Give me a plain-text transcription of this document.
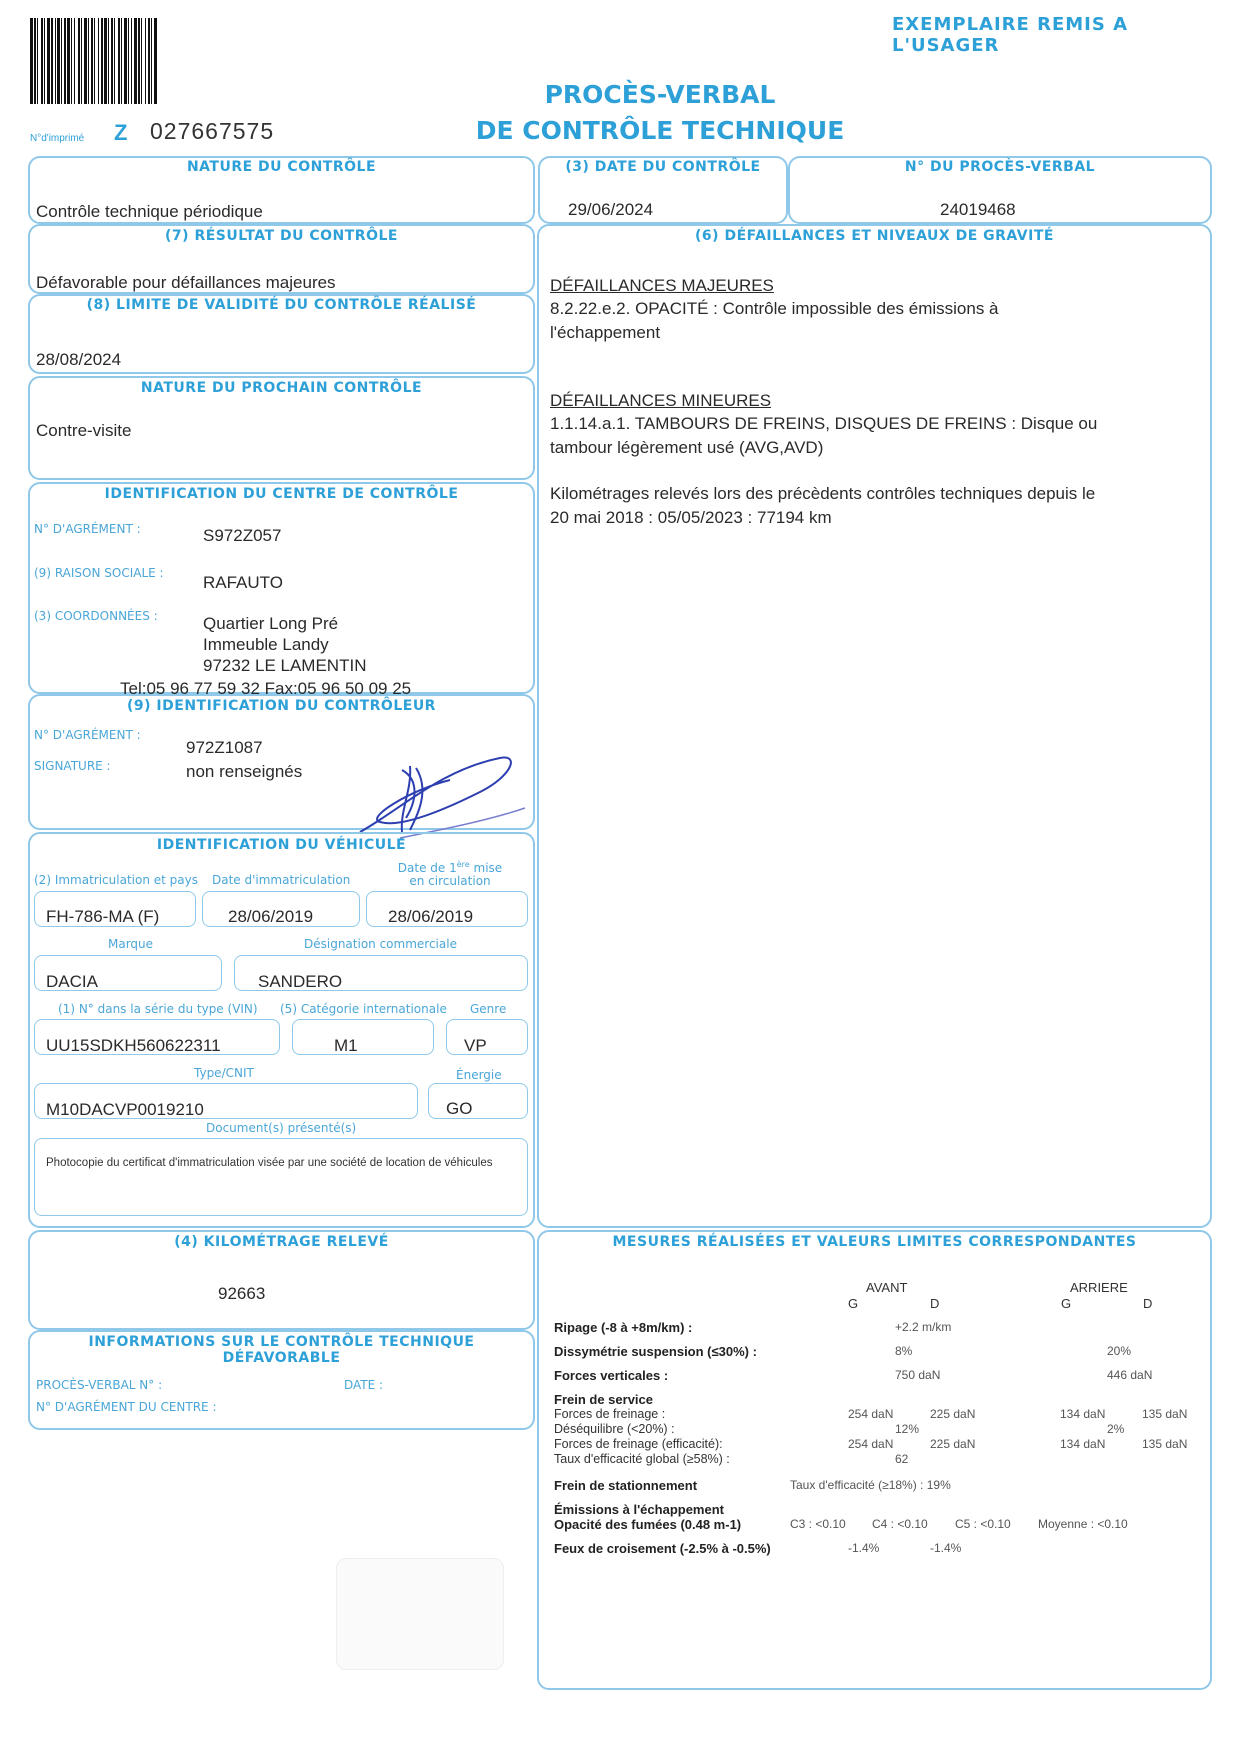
EXEMPLAIRE REMIS A L'USAGER
PROCÈS-VERBAL
DE CONTRÔLE TECHNIQUE
N°d'imprimé Z 027667575
NATURE DU CONTRÔLE
Contrôle technique périodique
(3) DATE DU CONTRÔLE
29/06/2024
N° DU PROCÈS-VERBAL
24019468
(7) RÉSULTAT DU CONTRÔLE
Défavorable pour défaillances majeures
(8) LIMITE DE VALIDITÉ DU CONTRÔLE RÉALISÉ
28/08/2024
NATURE DU PROCHAIN CONTRÔLE
Contre-visite
IDENTIFICATION DU CENTRE DE CONTRÔLE
N° D'AGRÉMENT :	S972Z057
(9) RAISON SOCIALE : RAFAUTO
(3) COORDONNÉES :	Quartier Long Pré
Immeuble Landy
97232 LE LAMENTIN
Tel:05 96 77 59 32 Fax:05 96 50 09 25
(9) IDENTIFICATION DU CONTRÔLEUR
N° D'AGRÉMENT :
972Z1087
SIGNATURE :	non renseignés
IDENTIFICATION DU VÉHICULE
(2) Immatriculation et pays Date d'immatriculation
Date de 1ère mise
en circulation
FH-786-MA (F)	28/06/2019	28/06/2019
Marque	Désignation commerciale
DACIA	SANDERO
(1) N° dans la série du type (VIN) (5) Catégorie internationale Genre
UU15SDKH560622311	M1	VP
Type/CNIT	Énergie
M10DACVP0019210	GO
Document(s) présenté(s)
Photocopie du certificat d'immatriculation visée par une société de location de véhicules
(6) DÉFAILLANCES ET NIVEAUX DE GRAVITÉ
DÉFAILLANCES MAJEURES
8.2.22.e.2. OPACITÉ : Contrôle impossible des émissions à
l'échappement
DÉFAILLANCES MINEURES
1.1.14.a.1. TAMBOURS DE FREINS, DISQUES DE FREINS : Disque ou
tambour légèrement usé (AVG,AVD)
Kilométrages relevés lors des précèdents contrôles techniques depuis le
20 mai 2018 : 05/05/2023 : 77194 km
(4) KILOMÉTRAGE RELEVÉ
92663
INFORMATIONS SUR LE CONTRÔLE TECHNIQUE DÉFAVORABLE
PROCÈS-VERBAL N° :	DATE :
N° D'AGRÉMENT DU CENTRE :
MESURES RÉALISÉES ET VALEURS LIMITES CORRESPONDANTES
AVANT	ARRIERE
G	D	G	D
Ripage (-8 à +8m/km) :	+2.2 m/km
Dissymétrie suspension (≤30%) :	8%	20%
Forces verticales :	750 daN	446 daN
Frein de service
Forces de freinage :	254 daN	225 daN	134 daN	135 daN
Déséquilibre (<20%) :	12%	2%
Forces de freinage (efficacité):	254 daN	225 daN	134 daN	135 daN
Taux d'efficacité global (≥58%) :	62
Frein de stationnement	Taux d'efficacité (≥18%) : 19%
Émissions à l'échappement
Opacité des fumées (0.48 m-1)	C3 : <0.10 C4 : <0.10 C5 : <0.10 Moyenne : <0.10
Feux de croisement (-2.5% à -0.5%)	-1.4%	-1.4%
